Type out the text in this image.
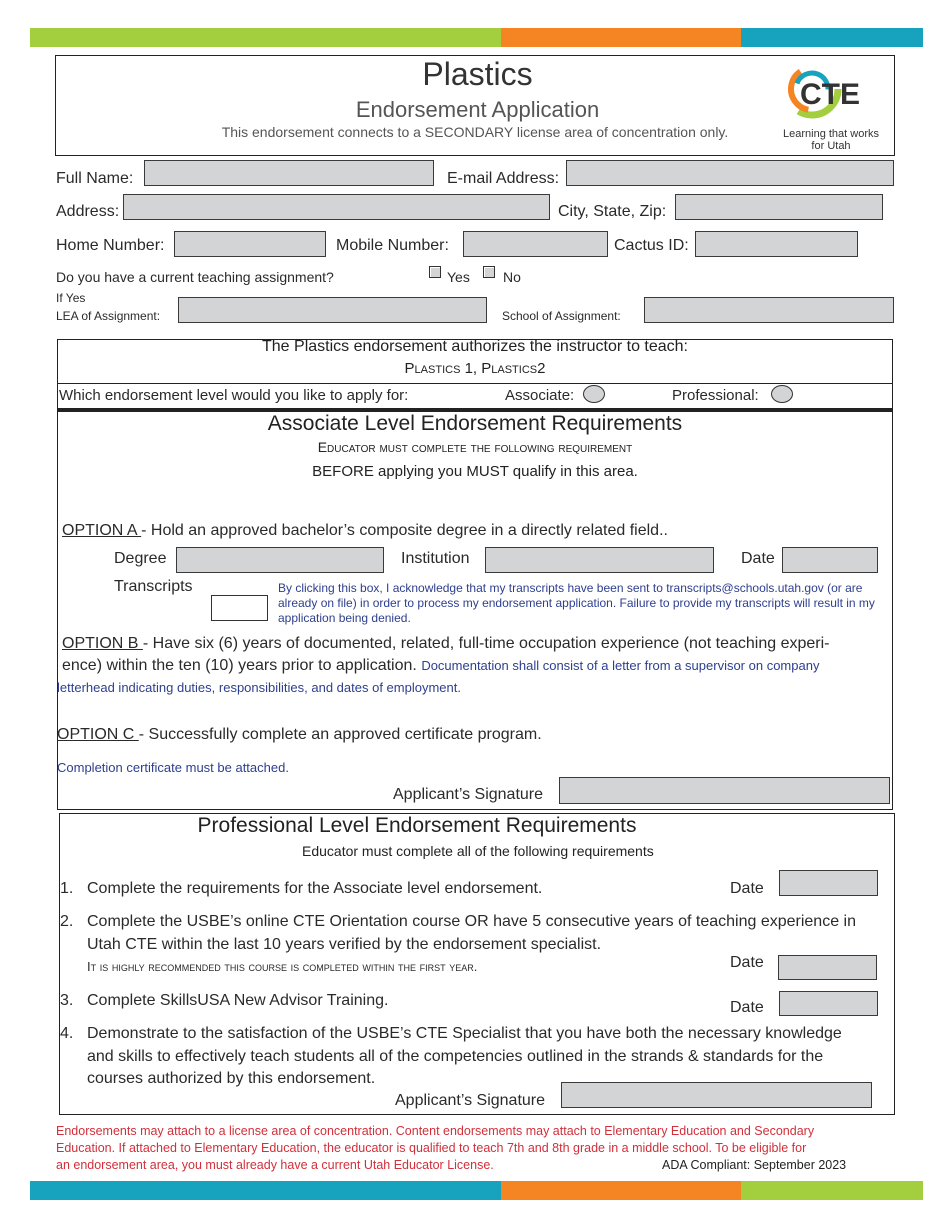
Plastics
Endorsement Application
This endorsement connects to a SECONDARY license area of concentration only.
CTE
Learning that works for Utah
Full Name:	E-mail Address:
Address:	City, State, Zip:
Home Number:	Mobile Number:	Cactus ID:
Do you have a current teaching assignment?	Yes No
If Yes
LEA of Assignment:	School of Assignment:
The Plastics endorsement authorizes the instructor to teach:
Plastics 1, Plastics2
Which endorsement level would you like to apply for:	Associate:	Professional:
Associate Level Endorsement Requirements
Educator must complete the following requirement
BEFORE applying you MUST qualify in this area.
OPTION A - Hold an approved bachelor’s composite degree in a directly related field..
Degree	Institution	Date
Transcripts	By clicking this box, I acknowledge that my transcripts have been sent to transcripts@schools.utah.gov (or are already on file) in order to process my endorsement application. Failure to provide my transcripts will result in my application being denied.
OPTION B - Have six (6) years of documented, related, full-time occupation experience (not teaching experi-
ence) within the ten (10) years prior to application. Documentation shall consist of a letter from a supervisor on company
letterhead indicating duties, responsibilities, and dates of employment.
OPTION C - Successfully complete an approved certificate program.
Completion certificate must be attached.
Applicant’s Signature
Professional Level Endorsement Requirements
Educator must complete all of the following requirements
1. Complete the requirements for the Associate level endorsement.	Date
2. Complete the USBE’s online CTE Orientation course OR have 5 consecutive years of teaching experience in
Utah CTE within the last 10 years verified by the endorsement specialist.
It is highly recommended this course is completed within the first year.	Date
3. Complete SkillsUSA New Advisor Training.	Date
4. Demonstrate to the satisfaction of the USBE’s CTE Specialist that you have both the necessary knowledge
and skills to effectively teach students all of the competencies outlined in the strands & standards for the
courses authorized by this endorsement.
Applicant’s Signature
Endorsements may attach to a license area of concentration. Content endorsements may attach to Elementary Education and Secondary
Education. If attached to Elementary Education, the educator is qualified to teach 7th and 8th grade in a middle school. To be eligible for
an endorsement area, you must already have a current Utah Educator License.	ADA Compliant: September 2023
